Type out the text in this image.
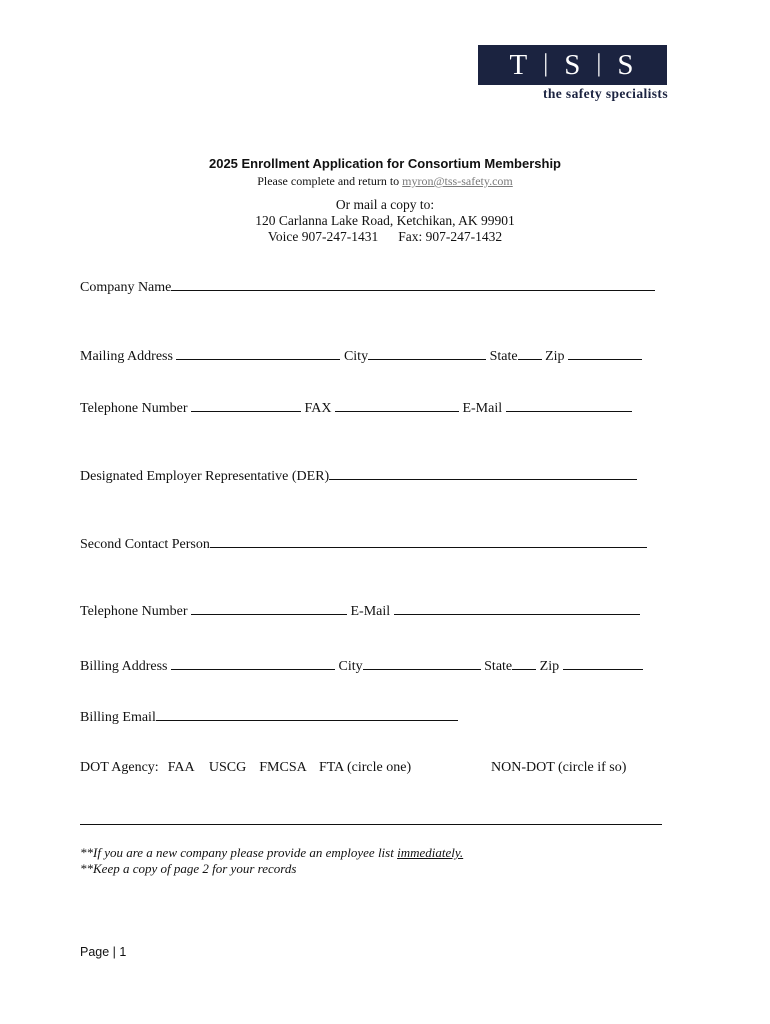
T | S | S
the safety specialists
2025 Enrollment Application for Consortium Membership
Please complete and return to myron@tss-safety.com
Or mail a copy to:
120 Carlanna Lake Road, Ketchikan, AK 99901
Voice 907-247-1431 Fax: 907-247-1432
Company Name
Mailing Address	City	State Zip
Telephone Number	FAX	E-Mail
Designated Employer Representative (DER)
Second Contact Person
Telephone Number	E-Mail
Billing Address	City	State Zip
Billing Email
DOT Agency: FAA USCG FMCSA FTA (circle one)	NON-DOT (circle if so)
**If you are a new company please provide an employee list immediately.
**Keep a copy of page 2 for your records
Page | 1
